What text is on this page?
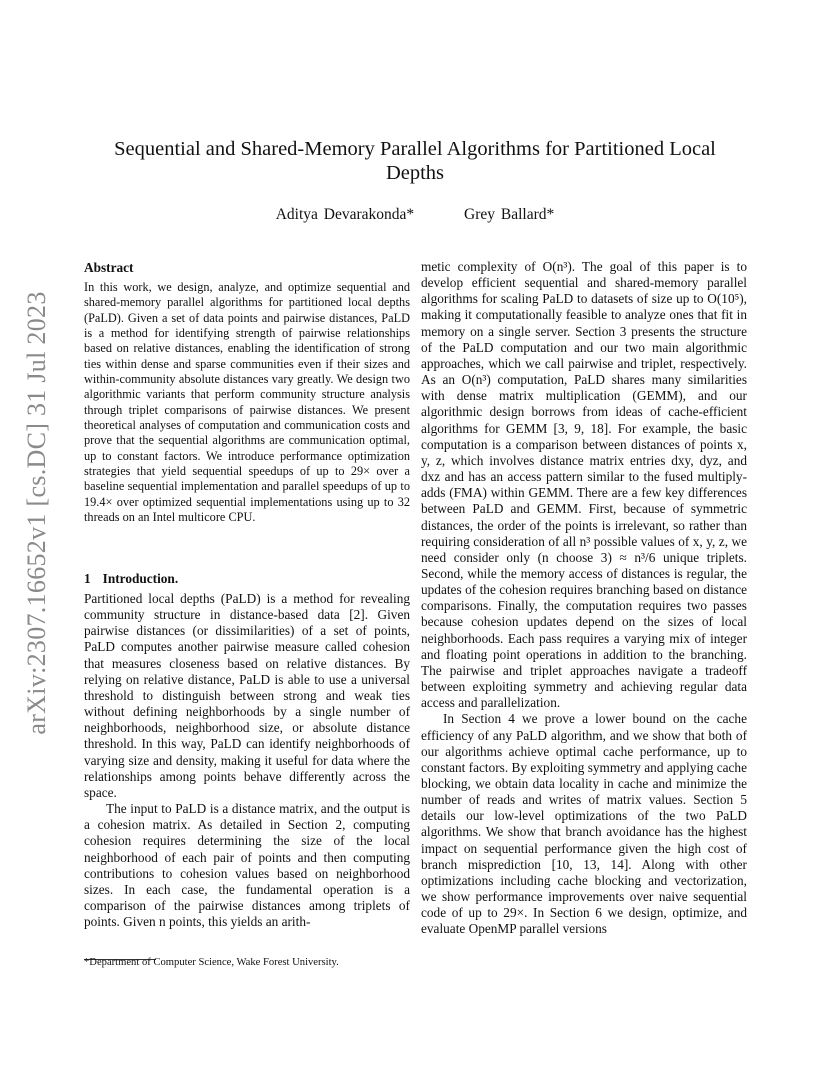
arXiv:2307.16652v1 [cs.DC] 31 Jul 2023
Sequential and Shared-Memory Parallel Algorithms for Partitioned Local Depths
Aditya Devarakonda*	Grey Ballard*
Abstract

In this work, we design, analyze, and optimize sequential and shared-memory parallel algorithms for partitioned local depths (PaLD). Given a set of data points and pairwise distances, PaLD is a method for identifying strength of pairwise relationships based on relative distances, enabling the identification of strong ties within dense and sparse communities even if their sizes and within-community absolute distances vary greatly. We design two algorithmic variants that perform community structure analysis through triplet comparisons of pairwise distances. We present theoretical analyses of computation and communication costs and prove that the sequential algorithms are communication optimal, up to constant factors. We introduce performance optimization strategies that yield sequential speedups of up to 29× over a baseline sequential implementation and parallel speedups of up to 19.4× over optimized sequential implementations using up to 32 threads on an Intel multicore CPU.

1 Introduction.

Partitioned local depths (PaLD) is a method for revealing community structure in distance-based data [2]. Given pairwise distances (or dissimilarities) of a set of points, PaLD computes another pairwise measure called cohesion that measures closeness based on relative distances. By relying on relative distance, PaLD is able to use a universal threshold to distinguish between strong and weak ties without defining neighborhoods by a single number of neighborhoods, neighborhood size, or absolute distance threshold. In this way, PaLD can identify neighborhoods of varying size and density, making it useful for data where the relationships among points behave differently across the space.

The input to PaLD is a distance matrix, and the output is a cohesion matrix. As detailed in Section 2, computing cohesion requires determining the size of the local neighborhood of each pair of points and then computing contributions to cohesion values based on neighborhood sizes. In each case, the fundamental operation is a comparison of the pairwise distances among triplets of points. Given n points, this yields an arith-

metic complexity of O(n³). The goal of this paper is to develop efficient sequential and shared-memory parallel algorithms for scaling PaLD to datasets of size up to O(10⁵), making it computationally feasible to analyze ones that fit in memory on a single server. Section 3 presents the structure of the PaLD computation and our two main algorithmic approaches, which we call pairwise and triplet, respectively. As an O(n³) computation, PaLD shares many similarities with dense matrix multiplication (GEMM), and our algorithmic design borrows from ideas of cache-efficient algorithms for GEMM [3, 9, 18]. For example, the basic computation is a comparison between distances of points x, y, z, which involves distance matrix entries dxy, dyz, and dxz and has an access pattern similar to the fused multiply-adds (FMA) within GEMM. There are a few key differences between PaLD and GEMM. First, because of symmetric distances, the order of the points is irrelevant, so rather than requiring consideration of all n³ possible values of x, y, z, we need consider only (n choose 3) ≈ n³/6 unique triplets. Second, while the memory access of distances is regular, the updates of the cohesion requires branching based on distance comparisons. Finally, the computation requires two passes because cohesion updates depend on the sizes of local neighborhoods. Each pass requires a varying mix of integer and floating point operations in addition to the branching. The pairwise and triplet approaches navigate a tradeoff between exploiting symmetry and achieving regular data access and parallelization.

In Section 4 we prove a lower bound on the cache efficiency of any PaLD algorithm, and we show that both of our algorithms achieve optimal cache performance, up to constant factors. By exploiting symmetry and applying cache blocking, we obtain data locality in cache and minimize the number of reads and writes of matrix values. Section 5 details our low-level optimizations of the two PaLD algorithms. We show that branch avoidance has the highest impact on sequential performance given the high cost of branch misprediction [10, 13, 14]. Along with other optimizations including cache blocking and vectorization, we show performance improvements over naive sequential code of up to 29×. In Section 6 we design, optimize, and evaluate OpenMP parallel versions

*Department of Computer Science, Wake Forest University.
